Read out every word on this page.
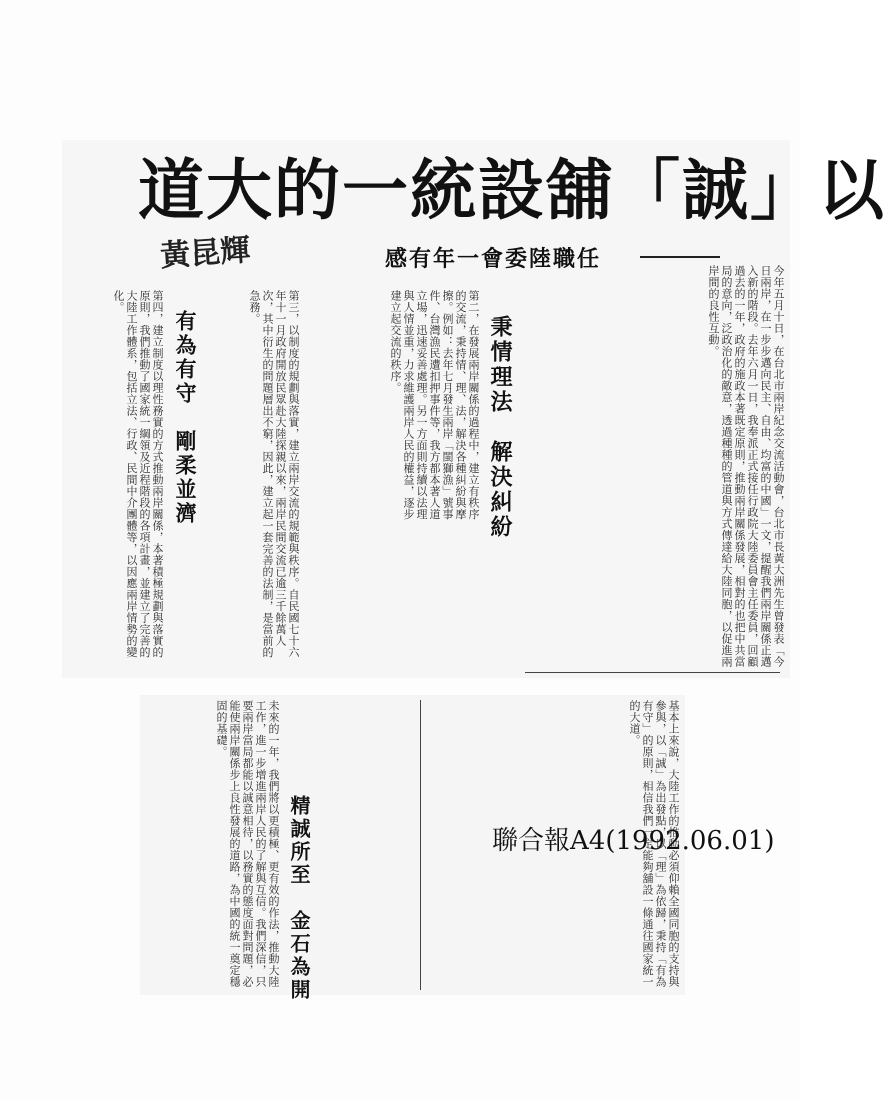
道大的一統設舖「誠」以
黃昆輝	感有年一會委陸職任
今年五月十日，在台北市兩岸紀念交流活動會，台北市長黃大洲先生曾發表「今日兩岸，在一步步邁向民主、自由、均富的中國」一文，提醒我們兩岸關係正邁入新的階段。去年六月一日，我奉派正式接任行政院大陸委員會主任委員，回顧過去的一年，政府的施政本著既定原則，推動兩岸關係發展，相對的也把中共當局的意向，泛政治化的敵意，透過種種的管道與方式傳達給大陸同胞，以促進兩岸間的良性互動。
秉情理法　解決糾紛
第二，在發展兩岸關係的過程中，建立有秩序的交流，秉持情、理、法，解決各種糾紛與摩擦。例如：去年七月發生兩岸「閩獅漁」號事件、台灣漁民遭扣押事件等，我方都本著人道立場，迅速妥善處理。另一方面則持續以法理與人情並重，力求維護兩岸人民的權益，逐步建立起交流的秩序。
第三，以制度的規劃與落實，建立兩岸交流的規範與秩序。自民國七十六年十一月政府開放民眾赴大陸探親以來，兩岸民間交流已逾三千餘萬人次，其中衍生的問題層出不窮，因此，建立起一套完善的法制，是當前的急務。
有為有守　剛柔並濟
第四，建立制度以理性務實的方式推動兩岸關係，本著積極規劃與落實的原則，我們推動了國家統一綱領及近程階段的各項計畫，並建立了完善的大陸工作體系，包括立法、行政、民間中介團體等，以因應兩岸情勢的變化。
基本上來說，大陸工作的推動必須仰賴全國同胞的支持與參與，以「誠」為出發點，以「理」為依歸，秉持「有為有守」的原則，相信我們一定能夠舖設一條通往國家統一的大道。
精誠所至　金石為開
未來的一年，我們將以更積極、更有效的作法，推動大陸工作，進一步增進兩岸人民的了解與互信。我們深信，只要兩岸當局都能以誠意相待，以務實的態度面對問題，必能使兩岸關係步上良性發展的道路，為中國的統一奠定穩固的基礎。
聯合報A4(1992.06.01)
